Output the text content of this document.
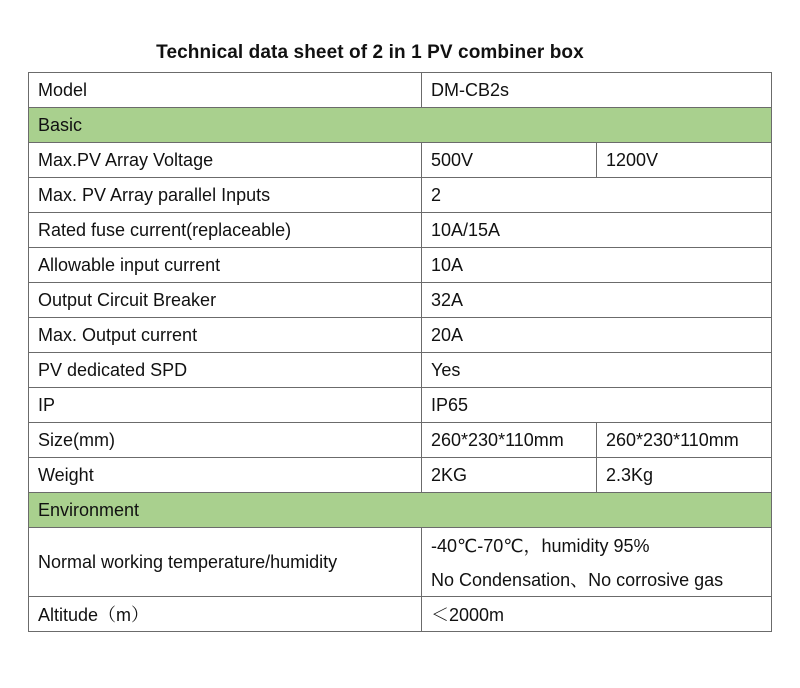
Technical data sheet of 2 in 1 PV combiner box
Model	DM-CB2s	
Basic		
Max.PV Array Voltage	500V	1200V
Max. PV Array parallel Inputs	2	
Rated fuse current(replaceable)	10A/15A	
Allowable input current	10A	
Output Circuit Breaker	32A	
Max. Output current	20A	
PV dedicated SPD	Yes	
IP	IP65	
Size(mm)	260*230*110mm	260*230*110mm
Weight	2KG	2.3Kg
Environment		
Normal working temperature/humidity	-40℃-70℃，humidity 95%
No Condensation、No corrosive gas	

Altitude（m）	＜2000m	
